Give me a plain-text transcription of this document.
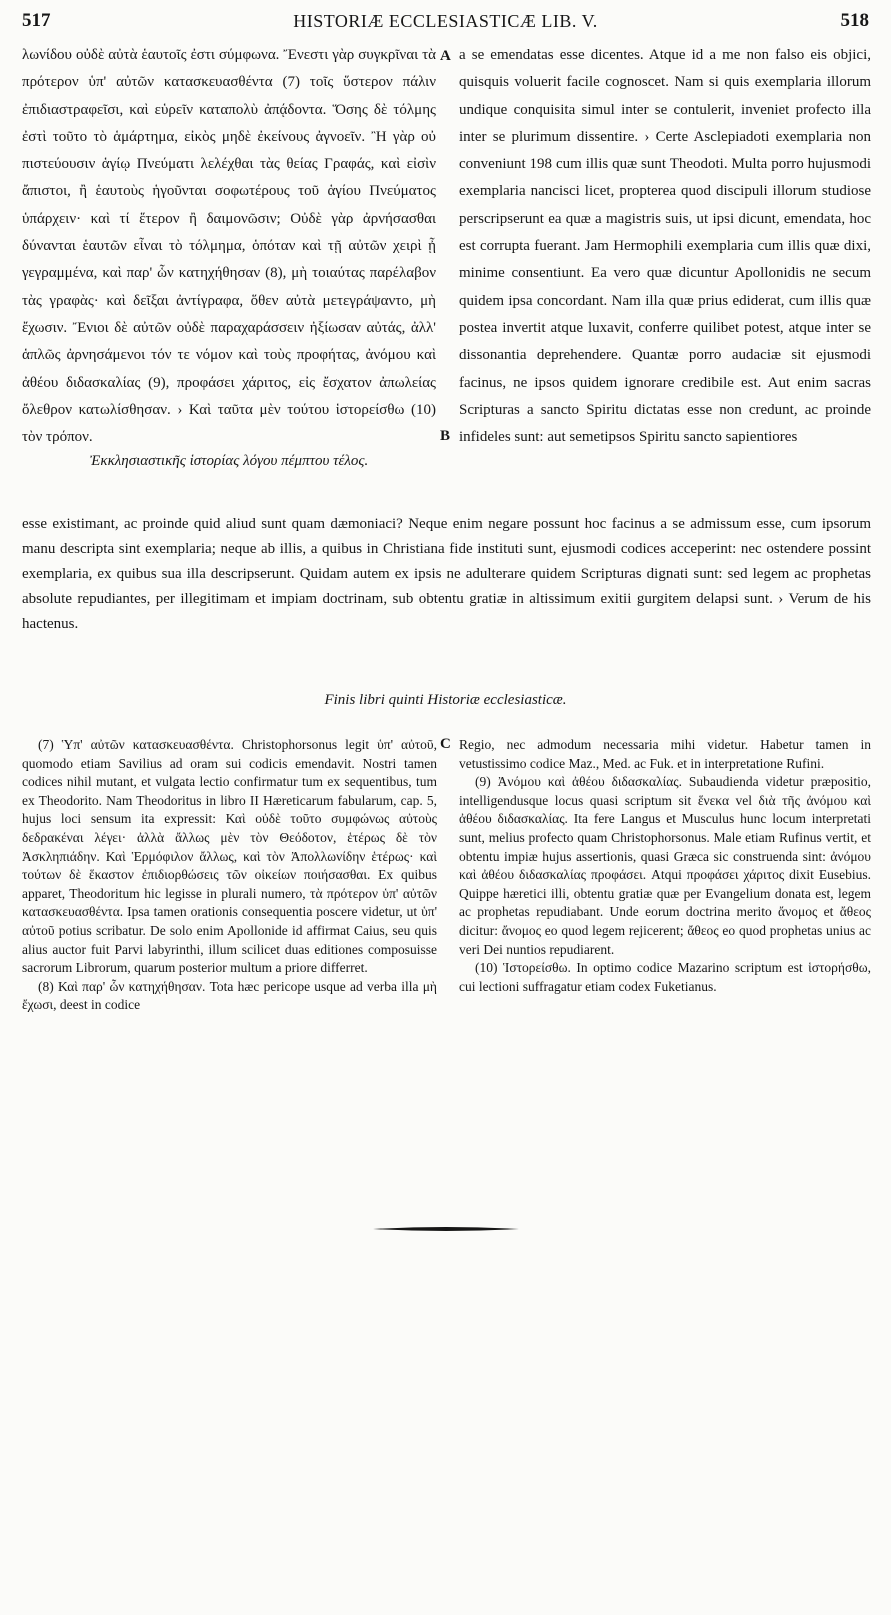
517	HISTORIÆ ECCLESIASTICÆ LIB. V.	518
λωνίδου οὐδὲ αὐτὰ ἑαυτοῖς ἐστι σύμφωνα. Ἔνεστι γὰρ συγκρῖναι τὰ πρότερον ὑπ' αὐτῶν κατασκευασθέντα (7) τοῖς ὕστερον πάλιν ἐπιδιαστραφεῖσι, καὶ εὑρεῖν καταπολὺ ἀπᾴδοντα. Ὅσης δὲ τόλμης ἐστὶ τοῦτο τὸ ἁμάρτημα, εἰκὸς μηδὲ ἐκείνους ἀγνοεῖν. Ἢ γὰρ οὐ πιστεύουσιν ἁγίῳ Πνεύματι λελέχθαι τὰς θείας Γραφάς, καὶ εἰσὶν ἄπιστοι, ἢ ἑαυτοὺς ἡγοῦνται σοφωτέρους τοῦ ἁγίου Πνεύματος ὑπάρχειν· καὶ τί ἕτερον ἢ δαιμονῶσιν; Οὐδὲ γὰρ ἀρνήσασθαι δύνανται ἑαυτῶν εἶναι τὸ τόλμημα, ὁπόταν καὶ τῇ αὐτῶν χειρὶ ᾖ γεγραμμένα, καὶ παρ' ὧν κατηχήθησαν (8), μὴ τοιαύτας παρέλαβον τὰς γραφὰς· καὶ δεῖξαι ἀντίγραφα, ὅθεν αὐτὰ μετεγράψαντο, μὴ ἔχωσιν. Ἔνιοι δὲ αὐτῶν οὐδὲ παραχαράσσειν ἠξίωσαν αὐτάς, ἀλλ' ἁπλῶς ἀρνησάμενοι τόν τε νόμον καὶ τοὺς προφήτας, ἀνόμου καὶ ἀθέου διδασκαλίας (9), προφάσει χάριτος, εἰς ἔσχατον ἀπωλείας ὄλεθρον κατωλίσθησαν. › Καὶ ταῦτα μὲν τούτου ἱστορείσθω (10) τὸν τρόπον.
Ἐκκλησιαστικῆς ἱστορίας λόγου πέμπτου τέλος.
A
B
C
a se emendatas esse dicentes. Atque id a me non falso eis objici, quisquis voluerit facile cognoscet. Nam si quis exemplaria illorum undique conquisita simul inter se contulerit, inveniet profecto illa inter se plurimum dissentire. › Certe Asclepiadoti exemplaria non conveniunt 198 cum illis quæ sunt Theodoti. Multa porro hujusmodi exemplaria nancisci licet, propterea quod discipuli illorum studiose perscripserunt ea quæ a magistris suis, ut ipsi dicunt, emendata, hoc est corrupta fuerant. Jam Hermophili exemplaria cum illis quæ dixi, minime consentiunt. Ea vero quæ dicuntur Apollonidis ne secum quidem ipsa concordant. Nam illa quæ prius ediderat, cum illis quæ postea invertit atque luxavit, conferre quilibet potest, atque inter se dissonantia deprehendere. Quantæ porro audaciæ sit ejusmodi facinus, ne ipsos quidem ignorare credibile est. Aut enim sacras Scripturas a sancto Spiritu dictatas esse non credunt, ac proinde infideles sunt: aut semetipsos Spiritu sancto sapientiores
esse existimant, ac proinde quid aliud sunt quam dæmoniaci? Neque enim negare possunt hoc facinus a se admissum esse, cum ipsorum manu descripta sint exemplaria; neque ab illis, a quibus in Christiana fide instituti sunt, ejusmodi codices acceperint: nec ostendere possint exemplaria, ex quibus sua illa descripserunt. Quidam autem ex ipsis ne adulterare quidem Scripturas dignati sunt: sed legem ac prophetas absolute repudiantes, per illegitimam et impiam doctrinam, sub obtentu gratiæ in altissimum exitii gurgitem delapsi sunt. › Verum de his hactenus.
Finis libri quinti Historiæ ecclesiasticæ.

(7) Ὑπ' αὐτῶν κατασκευασθέντα. Christophorsonus legit ὑπ' αὐτοῦ, quomodo etiam Savilius ad oram sui codicis emendavit. Nostri tamen codices nihil mutant, et vulgata lectio confirmatur tum ex sequentibus, tum ex Theodorito. Nam Theodoritus in libro II Hæreticarum fabularum, cap. 5, hujus loci sensum ita expressit: Καὶ οὐδὲ τοῦτο συμφώνως αὐτοὺς δεδρακέναι λέγει· ἀλλὰ ἄλλως μὲν τὸν Θεόδοτον, ἑτέρως δὲ τὸν Ἀσκληπιάδην. Καὶ Ἑρμόφιλον ἄλλως, καὶ τὸν Ἀπολλωνίδην ἑτέρως· καὶ τούτων δὲ ἕκαστον ἐπιδιορθώσεις τῶν οἰκείων ποιήσασθαι. Ex quibus apparet, Theodoritum hic legisse in plurali numero, τὰ πρότερον ὑπ' αὐτῶν κατασκευασθέντα. Ipsa tamen orationis consequentia poscere videtur, ut ὑπ' αὐτοῦ potius scribatur. De solo enim Apollonide id affirmat Caius, seu quis alius auctor fuit Parvi labyrinthi, illum scilicet duas editiones composuisse sacrorum Librorum, quarum posterior multum a priore differret.

(8) Καὶ παρ' ὧν κατηχήθησαν. Tota hæc pericope usque ad verba illa μὴ ἔχωσι, deest in codice

Regio, nec admodum necessaria mihi videtur. Habetur tamen in vetustissimo codice Maz., Med. ac Fuk. et in interpretatione Rufini.

(9) Ἀνόμου καὶ ἀθέου διδασκαλίας. Subaudienda videtur præpositio, intelligendusque locus quasi scriptum sit ἕνεκα vel διὰ τῆς ἀνόμου καὶ ἀθέου διδασκαλίας. Ita fere Langus et Musculus hunc locum interpretati sunt, melius profecto quam Christophorsonus. Male etiam Rufinus vertit, et obtentu impiæ hujus assertionis, quasi Græca sic construenda sint: ἀνόμου καὶ ἀθέου διδασκαλίας προφάσει. Atqui προφάσει χάριτος dixit Eusebius. Quippe hæretici illi, obtentu gratiæ quæ per Evangelium donata est, legem ac prophetas repudiabant. Unde eorum doctrina merito ἄνομος et ἄθεος dicitur: ἄνομος eo quod legem rejicerent; ἄθεος eo quod prophetas unius ac veri Dei nuntios repudiarent.

(10) Ἱστορείσθω. In optimo codice Mazarino scriptum est ἱστορήσθω, cui lectioni suffragatur etiam codex Fuketianus.
